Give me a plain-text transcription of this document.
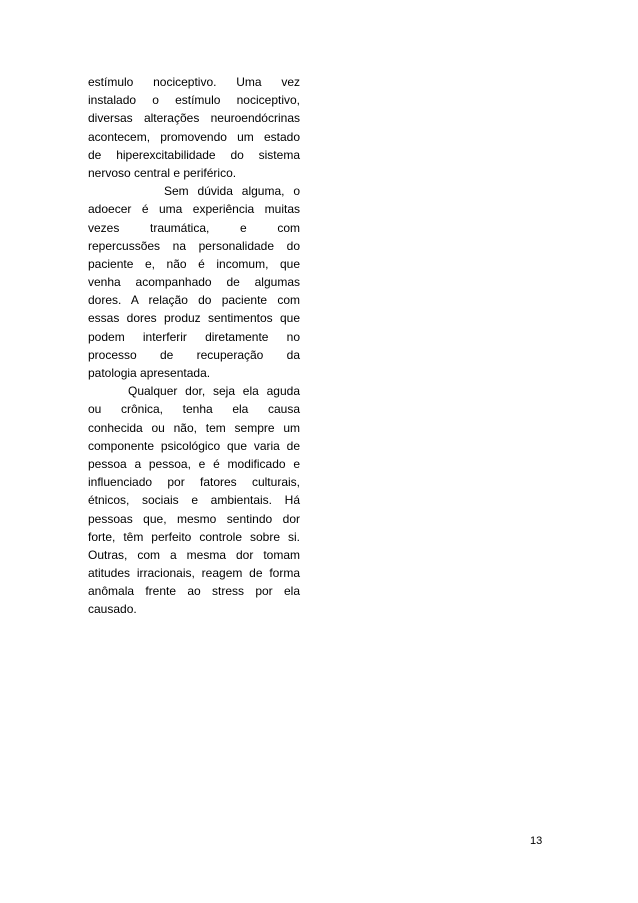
estímulo nociceptivo. Uma vez
instalado o estímulo nociceptivo,
diversas alterações neuroendócrinas
acontecem, promovendo um estado
de hiperexcitabilidade do sistema
nervoso central e periférico.
Sem dúvida alguma, o
adoecer é uma experiência muitas
vezes traumática, e com
repercussões na personalidade do
paciente e, não é incomum, que
venha acompanhado de algumas
dores. A relação do paciente com
essas dores produz sentimentos que
podem interferir diretamente no
processo de recuperação da
patologia apresentada.
Qualquer dor, seja ela aguda
ou crônica, tenha ela causa
conhecida ou não, tem sempre um
componente psicológico que varia de
pessoa a pessoa, e é modificado e
influenciado por fatores culturais,
étnicos, sociais e ambientais. Há
pessoas que, mesmo sentindo dor
forte, têm perfeito controle sobre si.
Outras, com a mesma dor tomam
atitudes irracionais, reagem de forma
anômala frente ao stress por ela
causado.
13
